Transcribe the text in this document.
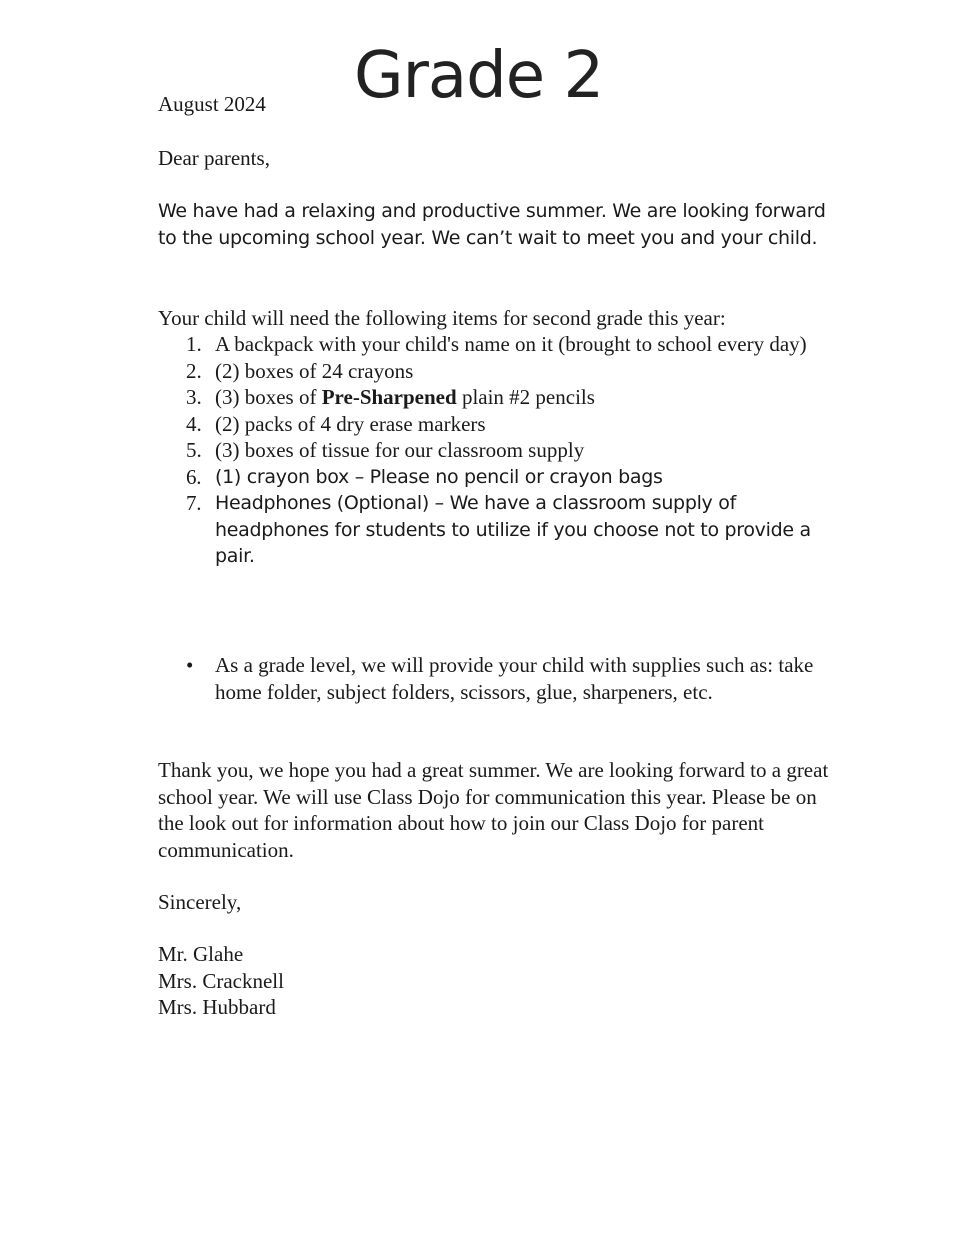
Grade 2
August 2024
Dear parents,
We have had a relaxing and productive summer. We are looking forward to the upcoming school year. We can’t wait to meet you and your child.
Your child will need the following items for second grade this year:
1. A backpack with your child's name on it (brought to school every day)
2. (2) boxes of 24 crayons
3. (3) boxes of Pre-Sharpened plain #2 pencils
4. (2) packs of 4 dry erase markers
5. (3) boxes of tissue for our classroom supply
6. (1) crayon box – Please no pencil or crayon bags
7. Headphones (Optional) – We have a classroom supply of headphones for students to utilize if you choose not to provide a pair.
• As a grade level, we will provide your child with supplies such as: take home folder, subject folders, scissors, glue, sharpeners, etc.
Thank you, we hope you had a great summer. We are looking forward to a great school year. We will use Class Dojo for communication this year. Please be on the look out for information about how to join our Class Dojo for parent communication.
Sincerely,
Mr. Glahe
Mrs. Cracknell
Mrs. Hubbard
